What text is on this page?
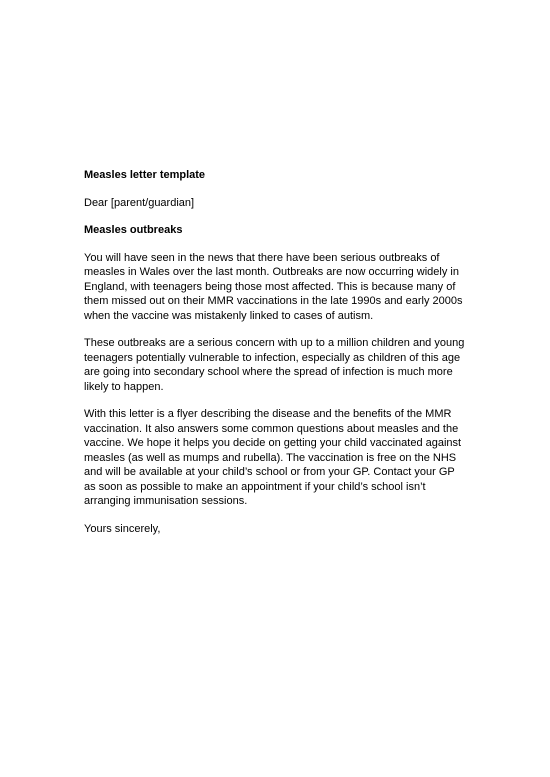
Measles letter template
Dear [parent/guardian]
Measles outbreaks
You will have seen in the news that there have been serious outbreaks of
measles in Wales over the last month. Outbreaks are now occurring widely in
England, with teenagers being those most affected. This is because many of
them missed out on their MMR vaccinations in the late 1990s and early 2000s
when the vaccine was mistakenly linked to cases of autism.
These outbreaks are a serious concern with up to a million children and young
teenagers potentially vulnerable to infection, especially as children of this age
are going into secondary school where the spread of infection is much more
likely to happen.
With this letter is a flyer describing the disease and the benefits of the MMR
vaccination. It also answers some common questions about measles and the
vaccine. We hope it helps you decide on getting your child vaccinated against
measles (as well as mumps and rubella). The vaccination is free on the NHS
and will be available at your child’s school or from your GP. Contact your GP
as soon as possible to make an appointment if your child’s school isn’t
arranging immunisation sessions.
Yours sincerely,
